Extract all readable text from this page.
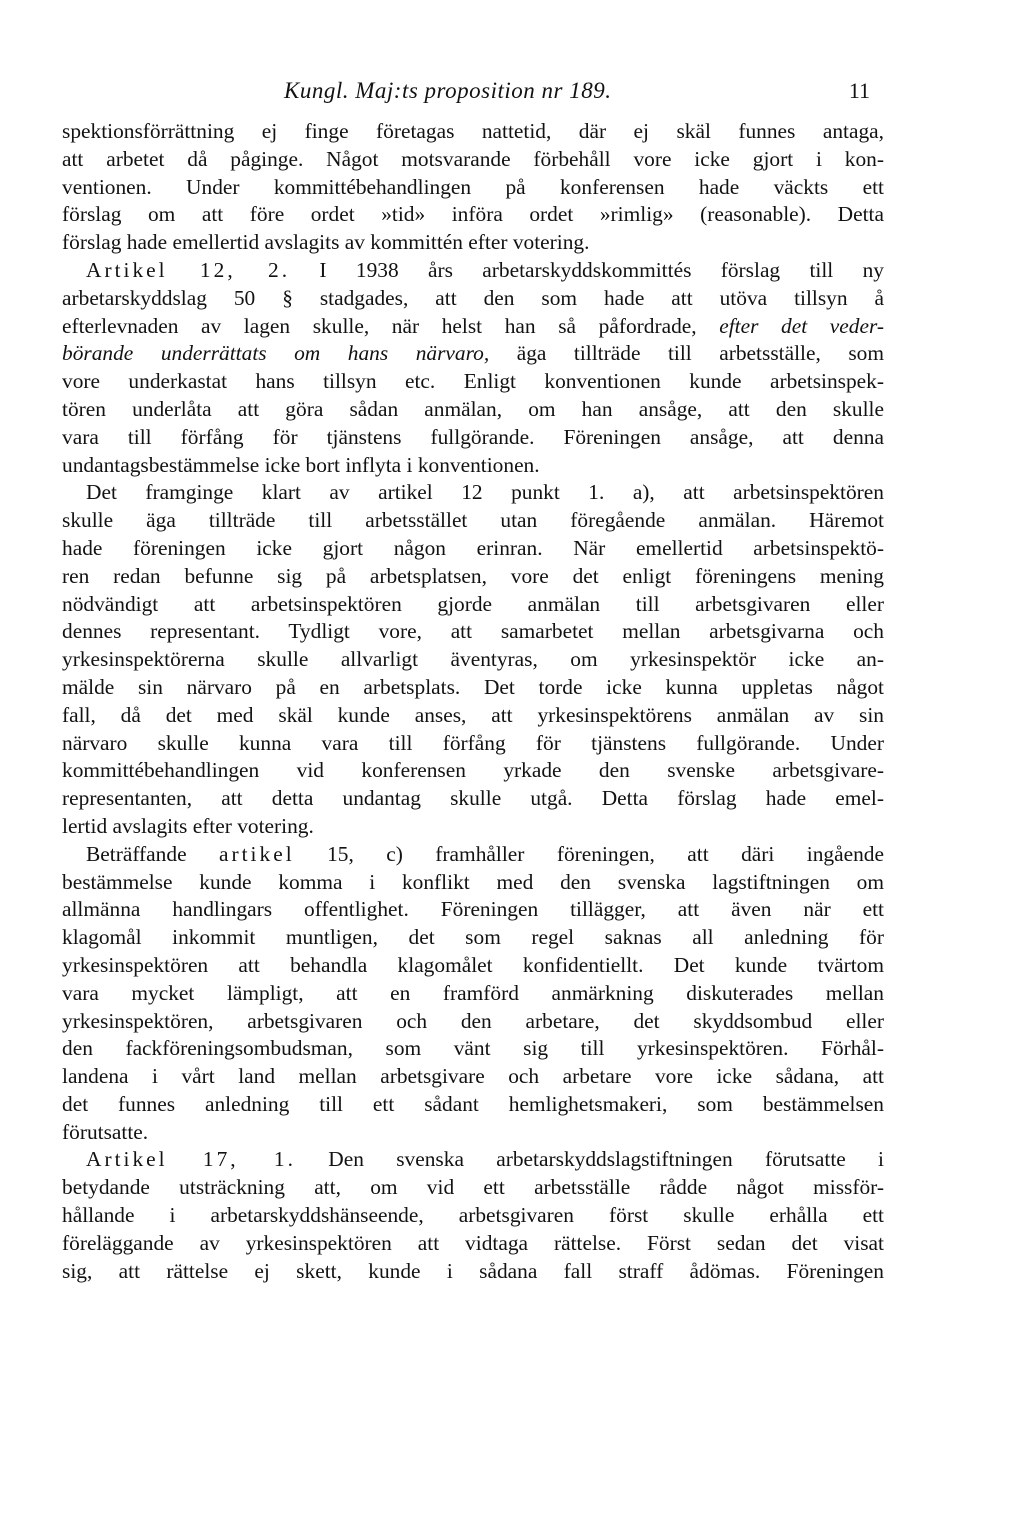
Kungl. Maj:ts proposition nr 189.	11
spektionsförrättning ej finge företagas nattetid, där ej skäl funnes antaga,
att arbetet då påginge. Något motsvarande förbehåll vore icke gjort i kon-
ventionen. Under kommittébehandlingen på konferensen hade väckts ett
förslag om att före ordet »tid» införa ordet »rimlig» (reasonable). Detta
förslag hade emellertid avslagits av kommittén efter votering.
Artikel 12, 2. I 1938 års arbetarskyddskommittés förslag till ny
arbetarskyddslag 50 § stadgades, att den som hade att utöva tillsyn å
efterlevnaden av lagen skulle, när helst han så påfordrade, efter det veder-
börande underrättats om hans närvaro, äga tillträde till arbetsställe, som
vore underkastat hans tillsyn etc. Enligt konventionen kunde arbetsinspek-
tören underlåta att göra sådan anmälan, om han ansåge, att den skulle
vara till förfång för tjänstens fullgörande. Föreningen ansåge, att denna
undantagsbestämmelse icke bort inflyta i konventionen.
Det framginge klart av artikel 12 punkt 1. a), att arbetsinspektören
skulle äga tillträde till arbetsstället utan föregående anmälan. Häremot
hade föreningen icke gjort någon erinran. När emellertid arbetsinspektö-
ren redan befunne sig på arbetsplatsen, vore det enligt föreningens mening
nödvändigt att arbetsinspektören gjorde anmälan till arbetsgivaren eller
dennes representant. Tydligt vore, att samarbetet mellan arbetsgivarna och
yrkesinspektörerna skulle allvarligt äventyras, om yrkesinspektör icke an-
mälde sin närvaro på en arbetsplats. Det torde icke kunna uppletas något
fall, då det med skäl kunde anses, att yrkesinspektörens anmälan av sin
närvaro skulle kunna vara till förfång för tjänstens fullgörande. Under
kommittébehandlingen vid konferensen yrkade den svenske arbetsgivare-
representanten, att detta undantag skulle utgå. Detta förslag hade emel-
lertid avslagits efter votering.
Beträffande artikel 15, c) framhåller föreningen, att däri ingående
bestämmelse kunde komma i konflikt med den svenska lagstiftningen om
allmänna handlingars offentlighet. Föreningen tillägger, att även när ett
klagomål inkommit muntligen, det som regel saknas all anledning för
yrkesinspektören att behandla klagomålet konfidentiellt. Det kunde tvärtom
vara mycket lämpligt, att en framförd anmärkning diskuterades mellan
yrkesinspektören, arbetsgivaren och den arbetare, det skyddsombud eller
den fackföreningsombudsman, som vänt sig till yrkesinspektören. Förhål-
landena i vårt land mellan arbetsgivare och arbetare vore icke sådana, att
det funnes anledning till ett sådant hemlighetsmakeri, som bestämmelsen
förutsatte.
Artikel 17, 1. Den svenska arbetarskyddslagstiftningen förutsatte i
betydande utsträckning att, om vid ett arbetsställe rådde något missför-
hållande i arbetarskyddshänseende, arbetsgivaren först skulle erhålla ett
föreläggande av yrkesinspektören att vidtaga rättelse. Först sedan det visat
sig, att rättelse ej skett, kunde i sådana fall straff ådömas. Föreningen
